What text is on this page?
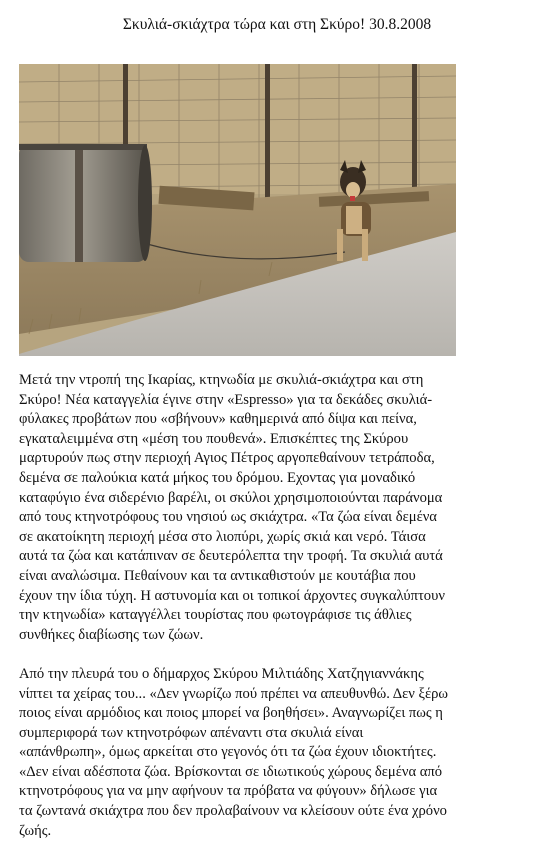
Σκυλιά-σκιάχτρα τώρα και στη Σκύρο! 30.8.2008

Μετά την ντροπή της Ικαρίας, κτηνωδία με σκυλιά-σκιάχτρα και στη
Σκύρο! Νέα καταγγελία έγινε στην «Espresso» για τα δεκάδες σκυλιά-
φύλακες προβάτων που «σβήνουν» καθημερινά από δίψα και πείνα,
εγκαταλειμμένα στη «μέση του πουθενά». Επισκέπτες της Σκύρου
μαρτυρούν πως στην περιοχή Αγιος Πέτρος αργοπεθαίνουν τετράποδα,
δεμένα σε παλούκια κατά μήκος του δρόμου. Εχοντας για μοναδικό
καταφύγιο ένα σιδερένιο βαρέλι, οι σκύλοι χρησιμοποιούνται παράνομα
από τους κτηνοτρόφους του νησιού ως σκιάχτρα. «Τα ζώα είναι δεμένα
σε ακατοίκητη περιοχή μέσα στο λιοπύρι, χωρίς σκιά και νερό. Τάισα
αυτά τα ζώα και κατάπιναν σε δευτερόλεπτα την τροφή. Τα σκυλιά αυτά
είναι αναλώσιμα. Πεθαίνουν και τα αντικαθιστούν με κουτάβια που
έχουν την ίδια τύχη. Η αστυνομία και οι τοπικοί άρχοντες συγκαλύπτουν
την κτηνωδία» καταγγέλλει τουρίστας που φωτογράφισε τις άθλιες
συνθήκες διαβίωσης των ζώων.

Από την πλευρά του ο δήμαρχος Σκύρου Μιλτιάδης Χατζηγιαννάκης
νίπτει τα χείρας του... «Δεν γνωρίζω πού πρέπει να απευθυνθώ. Δεν ξέρω
ποιος είναι αρμόδιος και ποιος μπορεί να βοηθήσει». Αναγνωρίζει πως η
συμπεριφορά των κτηνοτρόφων απέναντι στα σκυλιά είναι
«απάνθρωπη», όμως αρκείται στο γεγονός ότι τα ζώα έχουν ιδιοκτήτες.
«Δεν είναι αδέσποτα ζώα. Βρίσκονται σε ιδιωτικούς χώρους δεμένα από
κτηνοτρόφους για να μην αφήνουν τα πρόβατα να φύγουν» δήλωσε για
τα ζωντανά σκιάχτρα που δεν προλαβαίνουν να κλείσουν ούτε ένα χρόνο
ζωής.
